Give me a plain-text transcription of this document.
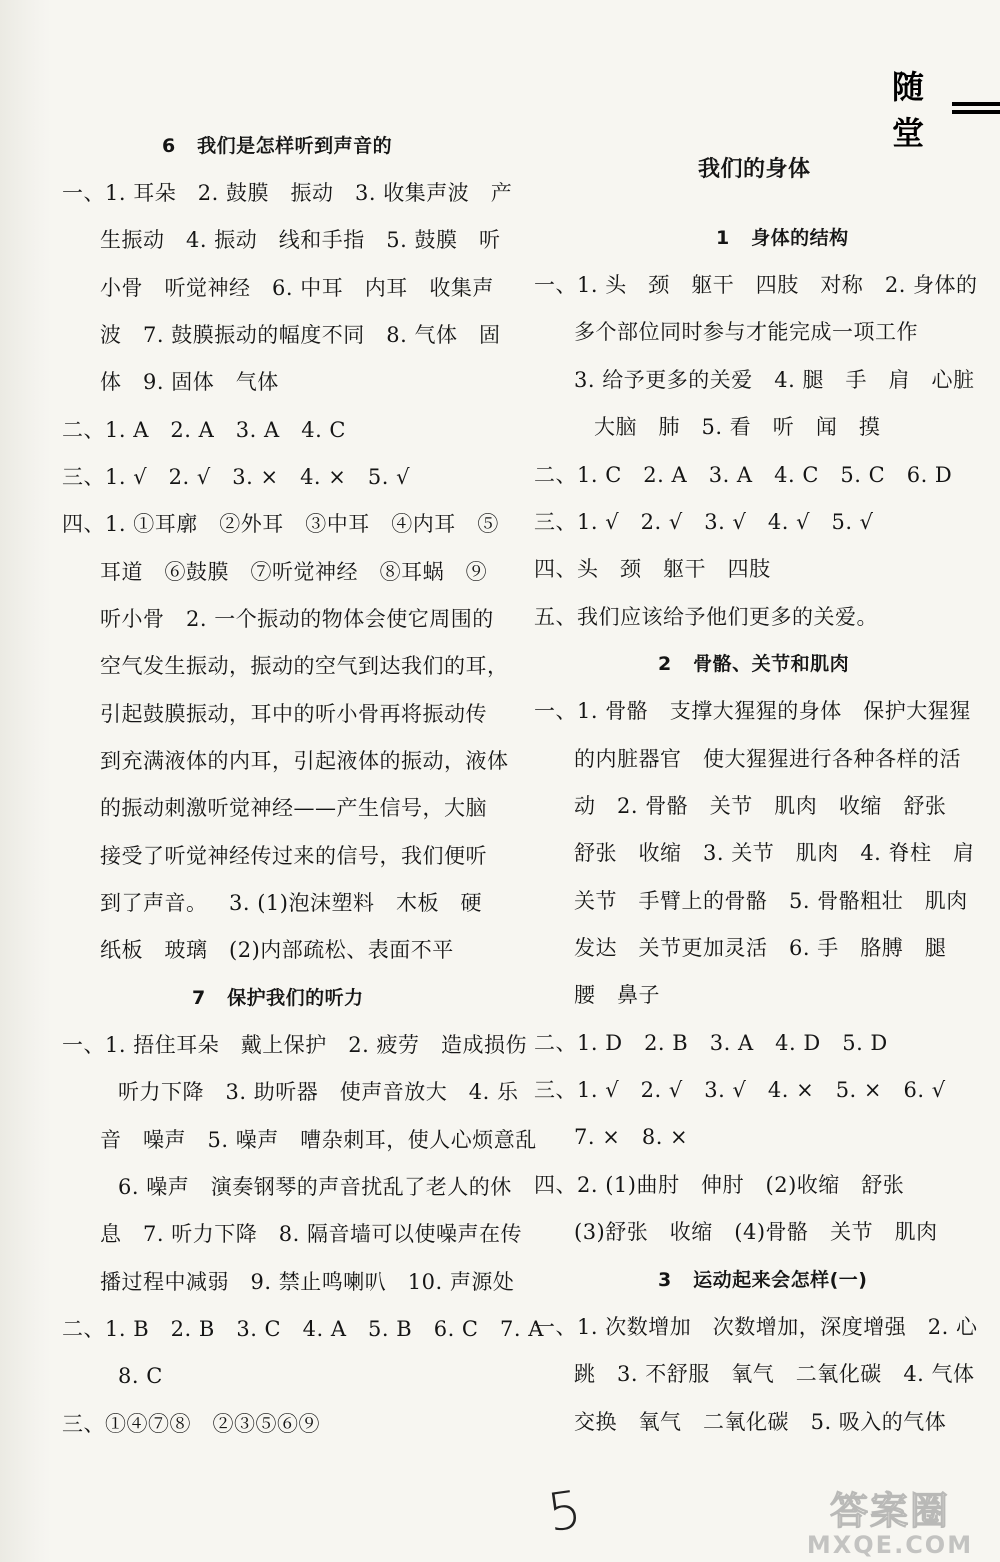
随堂
6   我们是怎样听到声音的
一、1. 耳朵   2. 鼓膜   振动   3. 收集声波   产
生振动   4. 振动   线和手指   5. 鼓膜   听
小骨   听觉神经   6. 中耳   内耳   收集声
波   7. 鼓膜振动的幅度不同   8. 气体   固
体   9. 固体   气体
二、1. A   2. A   3. A   4. C
三、1. √   2. √   3. ×   4. ×   5. √
四、1. ①耳廓   ②外耳   ③中耳   ④内耳   ⑤
耳道   ⑥鼓膜   ⑦听觉神经   ⑧耳蜗   ⑨
听小骨   2. 一个振动的物体会使它周围的
空气发生振动，振动的空气到达我们的耳，
引起鼓膜振动，耳中的听小骨再将振动传
到充满液体的内耳，引起液体的振动，液体
的振动刺激听觉神经——产生信号，大脑
接受了听觉神经传过来的信号，我们便听
到了声音。   3. (1)泡沫塑料   木板   硬
纸板   玻璃   (2)内部疏松、表面不平
7   保护我们的听力
一、1. 捂住耳朵   戴上保护   2. 疲劳   造成损伤
听力下降   3. 助听器   使声音放大   4. 乐
音   噪声   5. 噪声   嘈杂刺耳，使人心烦意乱
6. 噪声   演奏钢琴的声音扰乱了老人的休
息   7. 听力下降   8. 隔音墙可以使噪声在传
播过程中减弱   9. 禁止鸣喇叭   10. 声源处
二、1. B   2. B   3. C   4. A   5. B   6. C   7. A
8. C
三、①④⑦⑧   ②③⑤⑥⑨
我们的身体
1   身体的结构
一、1. 头   颈   躯干   四肢   对称   2. 身体的
多个部位同时参与才能完成一项工作
3. 给予更多的关爱   4. 腿   手   肩   心脏
大脑   肺   5. 看   听   闻   摸
二、1. C   2. A   3. A   4. C   5. C   6. D
三、1. √   2. √   3. √   4. √   5. √
四、头   颈   躯干   四肢
五、我们应该给予他们更多的关爱。
2   骨骼、关节和肌肉
一、1. 骨骼   支撑大猩猩的身体   保护大猩猩
的内脏器官   使大猩猩进行各种各样的活
动   2. 骨骼   关节   肌肉   收缩   舒张
舒张   收缩   3. 关节   肌肉   4. 脊柱   肩
关节   手臂上的骨骼   5. 骨骼粗壮   肌肉
发达   关节更加灵活   6. 手   胳膊   腿
腰   鼻子
二、1. D   2. B   3. A   4. D   5. D
三、1. √   2. √   3. √   4. ×   5. ×   6. √
7. ×   8. ×
四、2. (1)曲肘   伸肘   (2)收缩   舒张
(3)舒张   收缩   (4)骨骼   关节   肌肉
3   运动起来会怎样(一)
一、1. 次数增加   次数增加，深度增强   2. 心
跳   3. 不舒服   氧气   二氧化碳   4. 气体
交换   氧气   二氧化碳   5. 吸入的气体
5	答案圈
MXQE.COM
